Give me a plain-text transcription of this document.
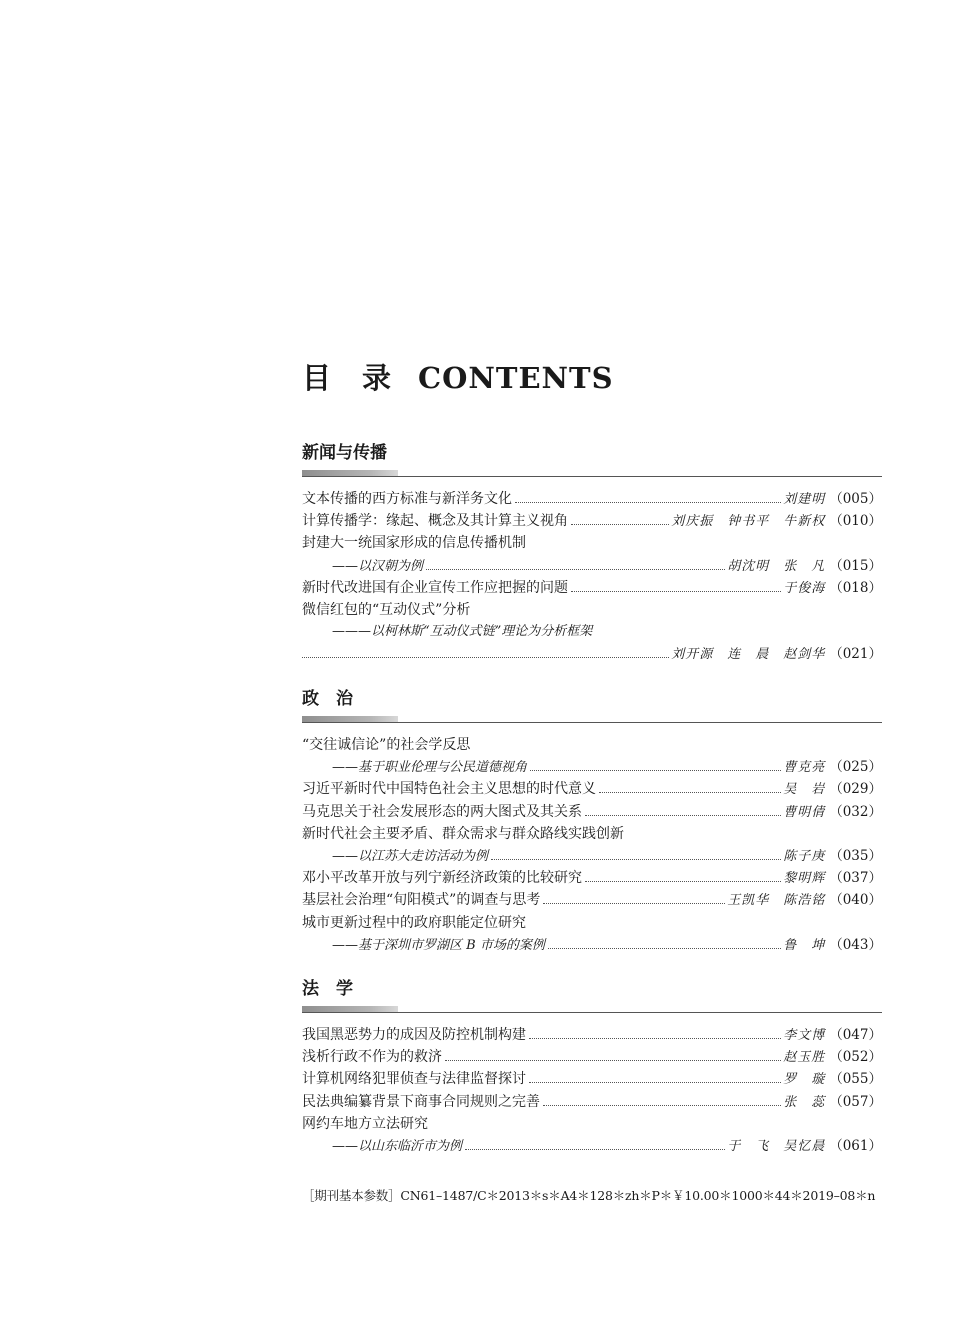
目　录 CONTENTS
新闻与传播
文本传播的西方标准与新洋务文化	刘建明 （005）
计算传播学：缘起、概念及其计算主义视角	刘庆振　钟书平　牛新权 （010）
封建大一统国家形成的信息传播机制
——以汉朝为例	胡沈明　张　凡 （015）
新时代改进国有企业宣传工作应把握的问题	于俊海 （018）
微信红包的“互动仪式”分析
———以柯林斯“互动仪式链”理论为分析框架
刘开源　连　晨　赵剑华 （021）
政　治
“交往诚信论”的社会学反思
——基于职业伦理与公民道德视角	曹克亮 （025）
习近平新时代中国特色社会主义思想的时代意义	吴　岩 （029）
马克思关于社会发展形态的两大图式及其关系	曹明倩 （032）
新时代社会主要矛盾、群众需求与群众路线实践创新
——以江苏大走访活动为例	陈子庚 （035）
邓小平改革开放与列宁新经济政策的比较研究	黎明辉 （037）
基层社会治理“旬阳模式”的调查与思考	王凯华　陈浩铭 （040）
城市更新过程中的政府职能定位研究
——基于深圳市罗湖区 B 市场的案例	鲁　坤 （043）
法　学
我国黑恶势力的成因及防控机制构建	李文博 （047）
浅析行政不作为的救济	赵玉胜 （052）
计算机网络犯罪侦查与法律监督探讨	罗　璇 （055）
民法典编纂背景下商事合同规则之完善	张　蕊 （057）
网约车地方立法研究
——以山东临沂市为例	于　飞　吴忆晨 （061）
［期刊基本参数］CN61–1487/C＊2013＊s＊A4＊128＊zh＊P＊￥10.00＊1000＊44＊2019–08＊n
